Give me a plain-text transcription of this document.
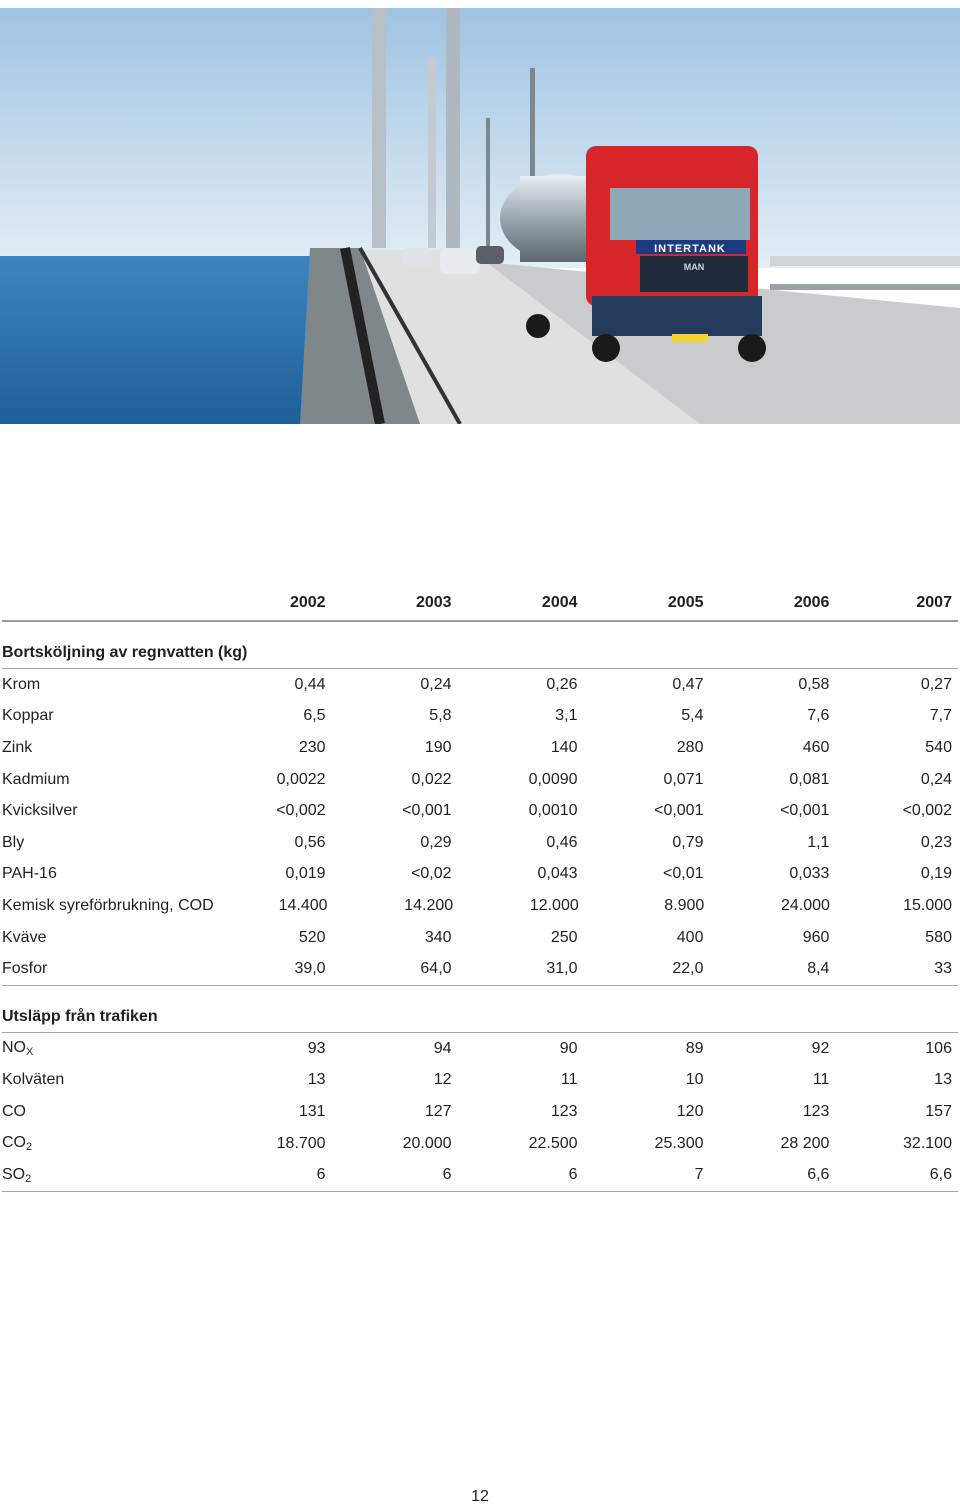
INTERTANK
MAN
2002	2003	2004	2005	2006	2007
Bortsköljning av regnvatten (kg)
Krom	0,44	0,24	0,26	0,47	0,58	0,27
Koppar	6,5	5,8	3,1	5,4	7,6	7,7
Zink	230	190	140	280	460	540
Kadmium	0,0022	0,022	0,0090	0,071	0,081	0,24
Kvicksilver	<0,002	<0,001	0,0010	<0,001	<0,001	<0,002
Bly	0,56	0,29	0,46	0,79	1,1	0,23
PAH-16	0,019	<0,02	0,043	<0,01	0,033	0,19
Kemisk syreförbrukning, COD	14.400	14.200	12.000	8.900	24.000	15.000
Kväve	520	340	250	400	960	580
Fosfor	39,0	64,0	31,0	22,0	8,4	33
Utsläpp från trafiken
$NO_X$	93	94	90	89	92	106
Kolväten	13	12	11	10	11	13
CO	131	127	123	120	123	157
$CO_2$	18.700	20.000	22.500	25.300	28 200	32.100
$SO_2$	6	6	6	7	6,6	6,6
12
